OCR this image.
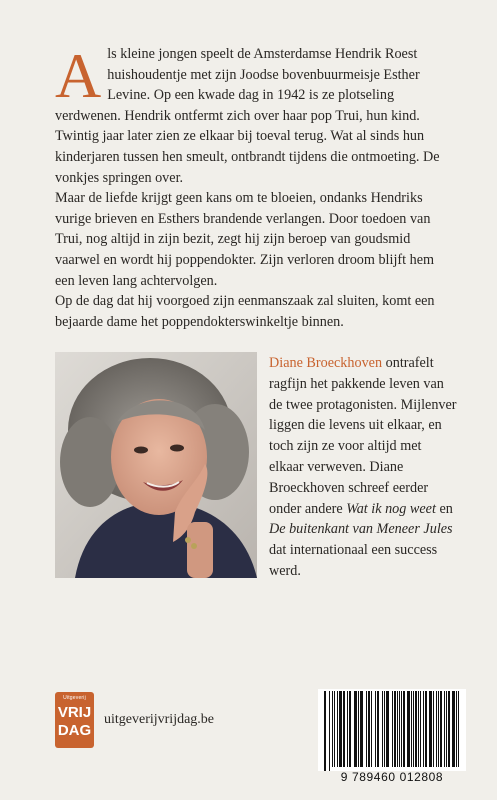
Als kleine jongen speelt de Amsterdamse Hendrik Roest huishoudentje met zijn Joodse bovenbuurmeisje Esther Levine. Op een kwade dag in 1942 is ze plotseling verdwenen. Hendrik ontfermt zich over haar pop Trui, hun kind. Twintig jaar later zien ze elkaar bij toeval terug. Wat al sinds hun kinderjaren tussen hen smeult, ontbrandt tijdens die ontmoeting. De vonkjes springen over.

Maar de liefde krijgt geen kans om te bloeien, ondanks Hendriks vurige brieven en Esthers brandende verlangen. Door toedoen van Trui, nog altijd in zijn bezit, zegt hij zijn beroep van goudsmid vaarwel en wordt hij poppendokter. Zijn verloren droom blijft hem een leven lang achtervolgen.

Op de dag dat hij voorgoed zijn eenmanszaak zal sluiten, komt een bejaarde dame het poppendokterswinkeltje binnen.

Diane Broeckhoven ontrafelt ragfijn het pakkende leven van de twee protagonisten. Mijlenver liggen die levens uit elkaar, en toch zijn ze voor altijd met elkaar verweven. Diane Broeckhoven schreef eerder onder andere Wat ik nog weet en De buitenkant van Meneer Jules dat internationaal een success werd.

Uitgeverij
VRIJ
DAG
uitgeverijvrijdag.be
9 789460 012808
